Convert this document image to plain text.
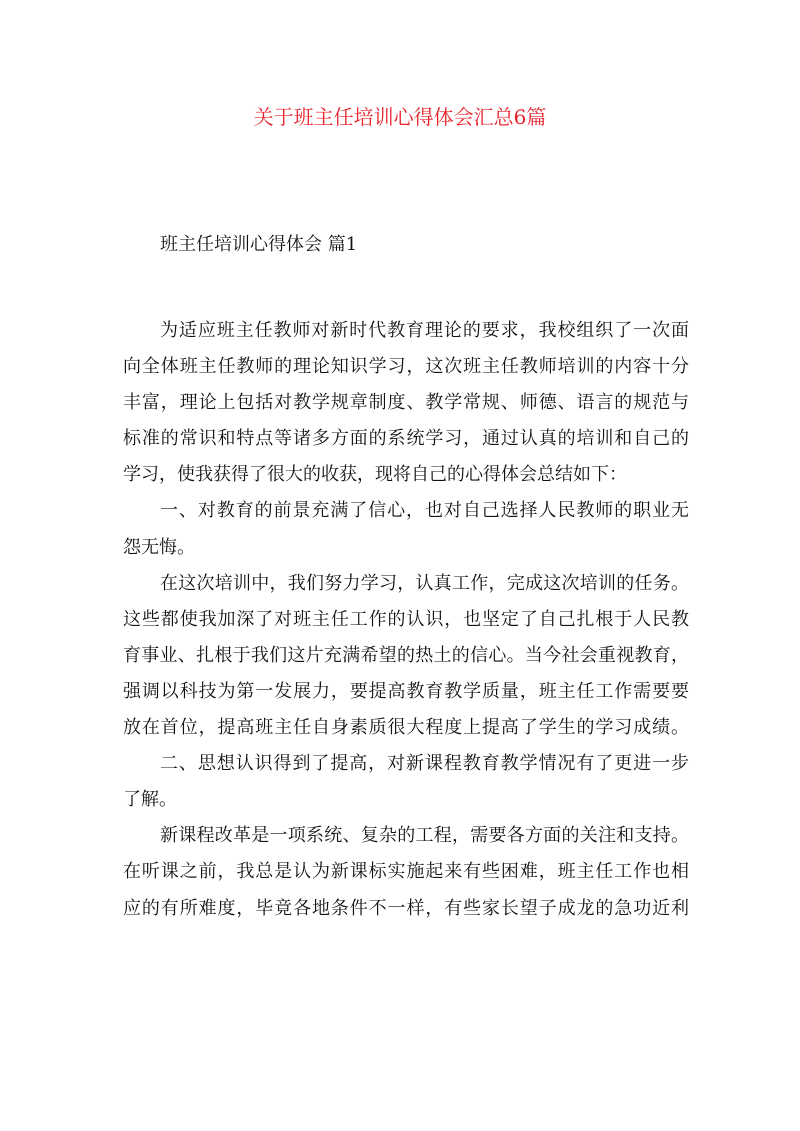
关于班主任培训心得体会汇总6篇
班主任培训心得体会 篇1
为适应班主任教师对新时代教育理论的要求，我校组织了一次面
向全体班主任教师的理论知识学习，这次班主任教师培训的内容十分
丰富，理论上包括对教学规章制度、教学常规、师德、语言的规范与
标准的常识和特点等诸多方面的系统学习，通过认真的培训和自己的
学习，使我获得了很大的收获，现将自己的心得体会总结如下：
一、对教育的前景充满了信心，也对自己选择人民教师的职业无
怨无悔。
在这次培训中，我们努力学习，认真工作，完成这次培训的任务。
这些都使我加深了对班主任工作的认识，也坚定了自己扎根于人民教
育事业、扎根于我们这片充满希望的热土的信心。当今社会重视教育，
强调以科技为第一发展力，要提高教育教学质量，班主任工作需要要
放在首位，提高班主任自身素质很大程度上提高了学生的学习成绩。
二、思想认识得到了提高，对新课程教育教学情况有了更进一步
了解。
新课程改革是一项系统、复杂的工程，需要各方面的关注和支持。
在听课之前，我总是认为新课标实施起来有些困难，班主任工作也相
应的有所难度，毕竟各地条件不一样，有些家长望子成龙的急功近利
